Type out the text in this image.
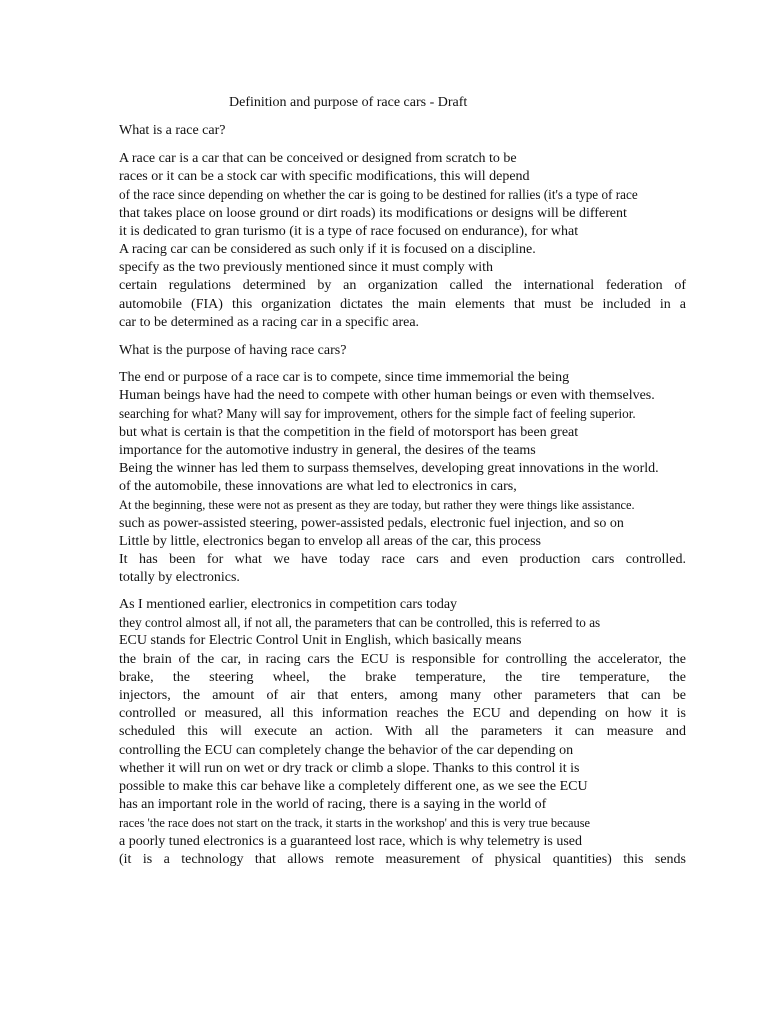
Definition and purpose of race cars - Draft
What is a race car?
A race car is a car that can be conceived or designed from scratch to be
races or it can be a stock car with specific modifications, this will depend
of the race since depending on whether the car is going to be destined for rallies (it's a type of race
that takes place on loose ground or dirt roads) its modifications or designs will be different
it is dedicated to gran turismo (it is a type of race focused on endurance), for what
A racing car can be considered as such only if it is focused on a discipline.
specify as the two previously mentioned since it must comply with
certain regulations determined by an organization called the international federation of
automobile (FIA) this organization dictates the main elements that must be included in a
car to be determined as a racing car in a specific area.
What is the purpose of having race cars?
The end or purpose of a race car is to compete, since time immemorial the being
Human beings have had the need to compete with other human beings or even with themselves.
searching for what? Many will say for improvement, others for the simple fact of feeling superior.
but what is certain is that the competition in the field of motorsport has been great
importance for the automotive industry in general, the desires of the teams
Being the winner has led them to surpass themselves, developing great innovations in the world.
of the automobile, these innovations are what led to electronics in cars,
At the beginning, these were not as present as they are today, but rather they were things like assistance.
such as power-assisted steering, power-assisted pedals, electronic fuel injection, and so on
Little by little, electronics began to envelop all areas of the car, this process
It has been for what we have today race cars and even production cars controlled.
totally by electronics.
As I mentioned earlier, electronics in competition cars today
they control almost all, if not all, the parameters that can be controlled, this is referred to as
ECU stands for Electric Control Unit in English, which basically means
the brain of the car, in racing cars the ECU is responsible for controlling the accelerator, the
brake, the steering wheel, the brake temperature, the tire temperature, the
injectors, the amount of air that enters, among many other parameters that can be
controlled or measured, all this information reaches the ECU and depending on how it is
scheduled this will execute an action. With all the parameters it can measure and
controlling the ECU can completely change the behavior of the car depending on
whether it will run on wet or dry track or climb a slope. Thanks to this control it is
possible to make this car behave like a completely different one, as we see the ECU
has an important role in the world of racing, there is a saying in the world of
races 'the race does not start on the track, it starts in the workshop' and this is very true because
a poorly tuned electronics is a guaranteed lost race, which is why telemetry is used
(it is a technology that allows remote measurement of physical quantities) this sends
